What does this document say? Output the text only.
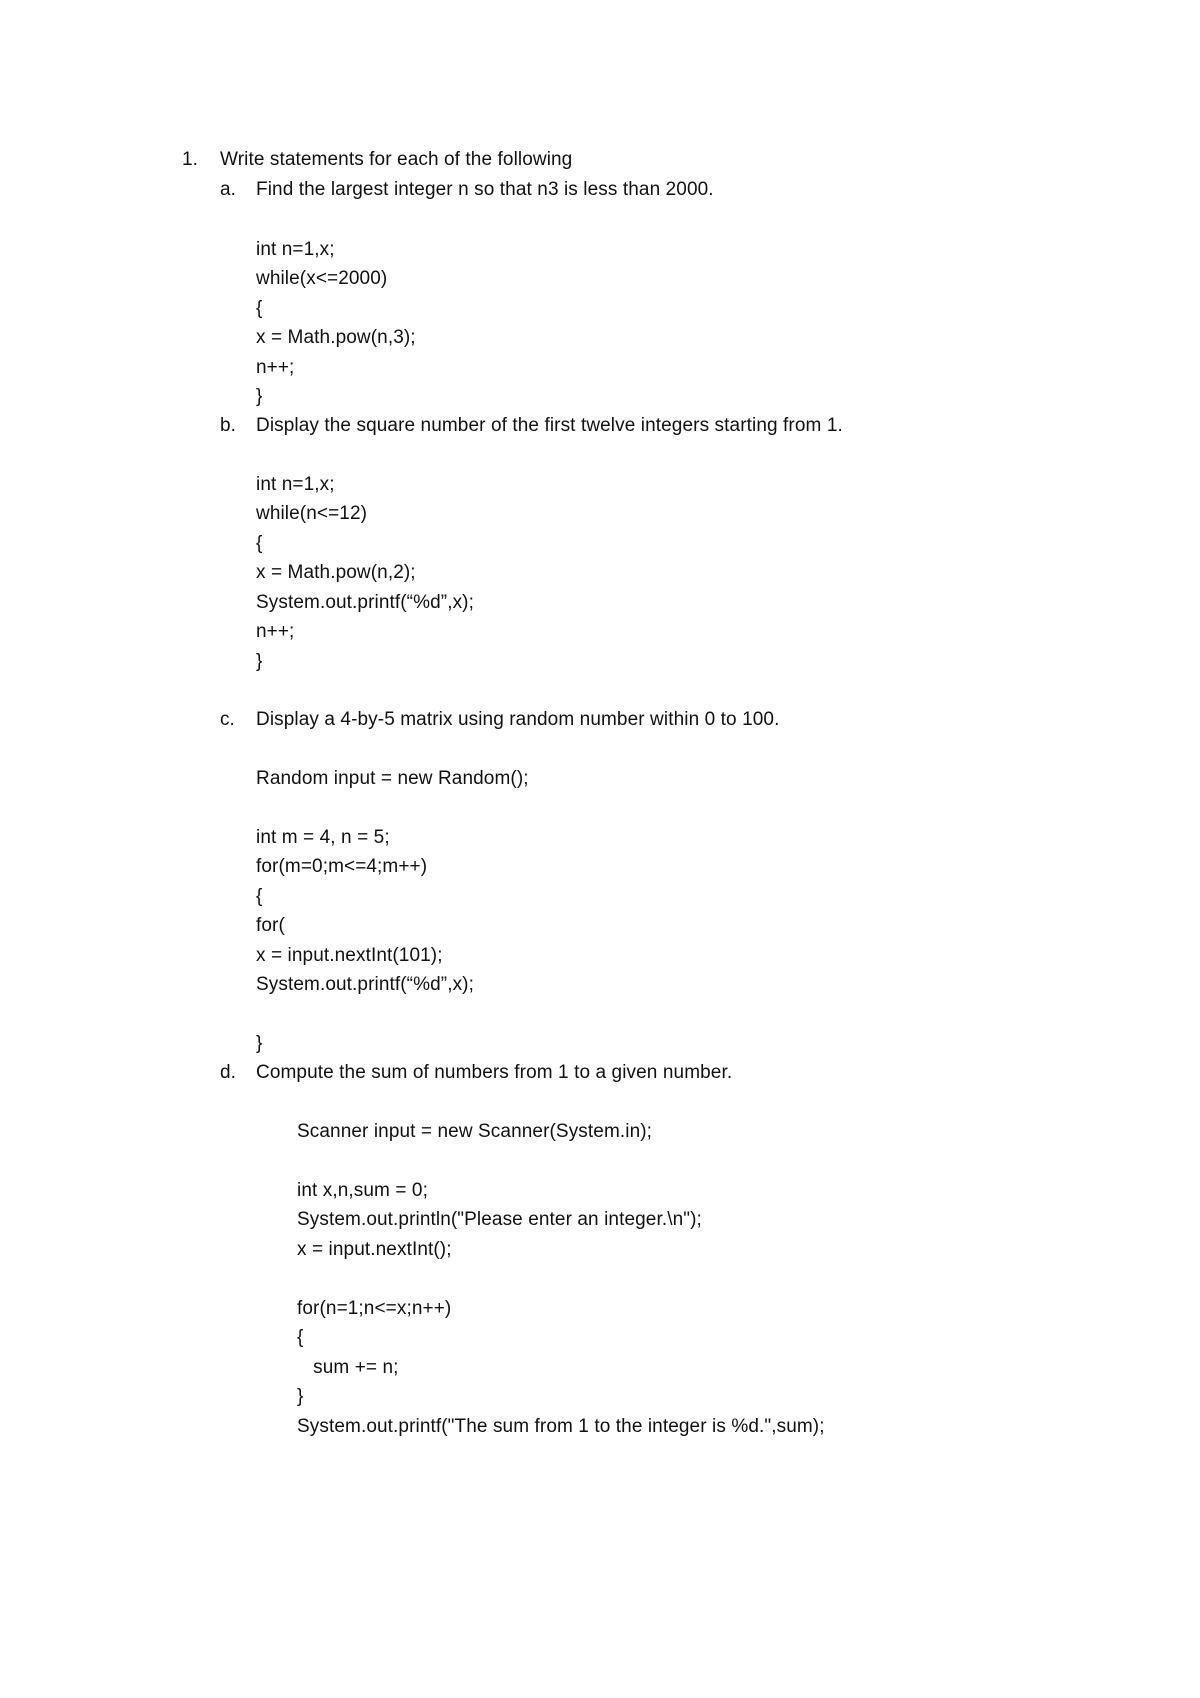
1. Write statements for each of the following
a. Find the largest integer n so that n3 is less than 2000.
int n=1,x;
while(x<=2000)
{
x = Math.pow(n,3);
n++;
}
b. Display the square number of the first twelve integers starting from 1.
int n=1,x;
while(n<=12)
{
x = Math.pow(n,2);
System.out.printf(“%d”,x);
n++;
}
c. Display a 4-by-5 matrix using random number within 0 to 100.
Random input = new Random();
int m = 4, n = 5;
for(m=0;m<=4;m++)
{
for(
x = input.nextInt(101);
System.out.printf(“%d”,x);
}
d. Compute the sum of numbers from 1 to a given number.
Scanner input = new Scanner(System.in);
int x,n,sum = 0;
System.out.println("Please enter an integer.\n");
x = input.nextInt();
for(n=1;n<=x;n++)
{
sum += n;
}
System.out.printf("The sum from 1 to the integer is %d.",sum);
